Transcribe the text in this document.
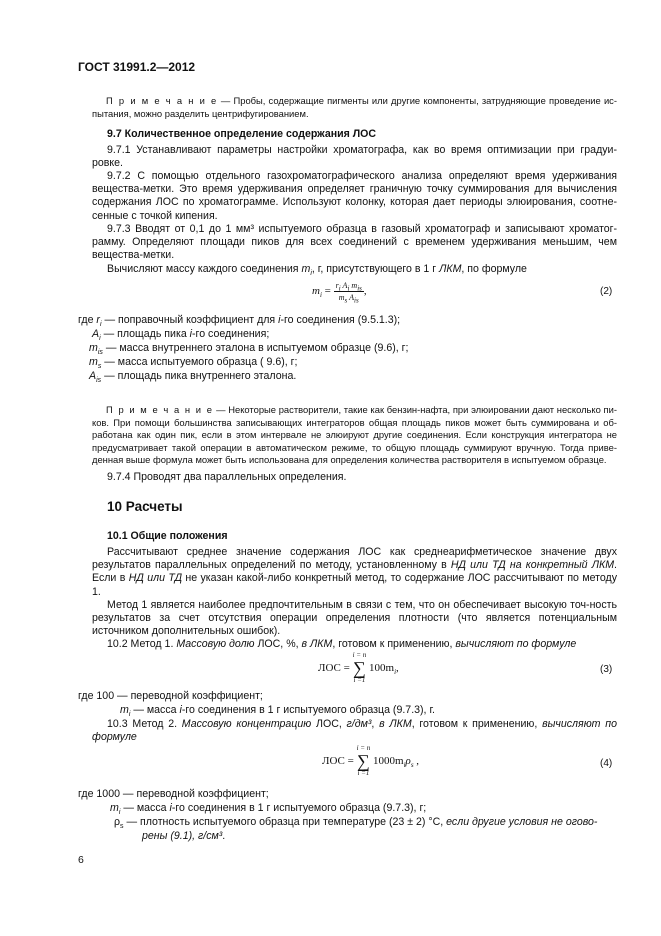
ГОСТ 31991.2—2012
П р и м е ч а н и е — Пробы, содержащие пигменты или другие компоненты, затрудняющие проведение ис-пытания, можно разделить центрифугированием.
9.7 Количественное определение содержания ЛОС
9.7.1 Устанавливают параметры настройки хроматографа, как во время оптимизации при градуи-ровке.
9.7.2 С помощью отдельного газохроматографического анализа определяют время удерживания вещества-метки. Это время удерживания определяет граничную точку суммирования для вычисления содержания ЛОС по хроматограмме. Используют колонку, которая дает периоды элюирования, соотне-сенные с точкой кипения.
9.7.3 Вводят от 0,1 до 1 мм³ испытуемого образца в газовый хроматограф и записывают хроматог-рамму. Определяют площади пиков для всех соединений с временем удерживания меньшим, чем вещества-метки.
Вычисляют массу каждого соединения $m_i$, г, присутствующего в 1 г ЛКМ, по формуле
$m_i = \frac{r_i A_i m_{is}}{m_s A_{is}}$ ,	(2)
где $r_i$ — поправочный коэффициент для i-го соединения (9.5.1.3);
$A_i$ — площадь пика i-го соединения;
$m_{is}$ — масса внутреннего эталона в испытуемом образце (9.6), г;
$m_s$ — масса испытуемого образца ( 9.6), г;
$A_{is}$ — площадь пика внутреннего эталона.
П р и м е ч а н и е — Некоторые растворители, такие как бензин-нафта, при элюировании дают несколько пи-ков. При помощи большинства записывающих интеграторов общая площадь пиков может быть суммирована и об-работана как один пик, если в этом интервале не элюируют другие соединения. Если конструкция интегратора не предусматривает такой операции в автоматическом режиме, то общую площадь суммируют вручную. Тогда приве-денная выше формула может быть использована для определения количества растворителя в испытуемом образце.
9.7.4 Проводят два параллельных определения.
10 Расчеты
10.1 Общие положения
Рассчитывают среднее значение содержания ЛОС как среднеарифметическое значение двух результатов параллельных определений по методу, установленному в НД или ТД на конкретный ЛКМ. Если в НД или ТД не указан какой-либо конкретный метод, то содержание ЛОС рассчитывают по методу 1.
Метод 1 является наиболее предпочтительным в связи с тем, что он обеспечивает высокую точ-ность результатов за счет отсутствия операции определения плотности (что является потенциальным источником дополнительных ошибок).
10.2 Метод 1. Массовую долю ЛОС, %, в ЛКМ, готовом к применению, вычисляют по формуле
ЛОС =
i = n
∑
i =1
$100m_i$,	(3)
где 100 — переводной коэффициент;
$m_i$ — масса i-го соединения в 1 г испытуемого образца (9.7.3), г.
10.3 Метод 2. Массовую концентрацию ЛОС, г/дм³, в ЛКМ, готовом к применению, вычисляют по формуле
ЛОС =
i = n
∑
i =1
$1000m_i\rho_s$ ,	(4)
где 1000 — переводной коэффициент;
$m_i$ — масса i-го соединения в 1 г испытуемого образца (9.7.3), г;
$\rho_s$ — плотность испытуемого образца при температуре (23 ± 2) °С, если другие условия не огово-
рены (9.1), г/см³.
6
